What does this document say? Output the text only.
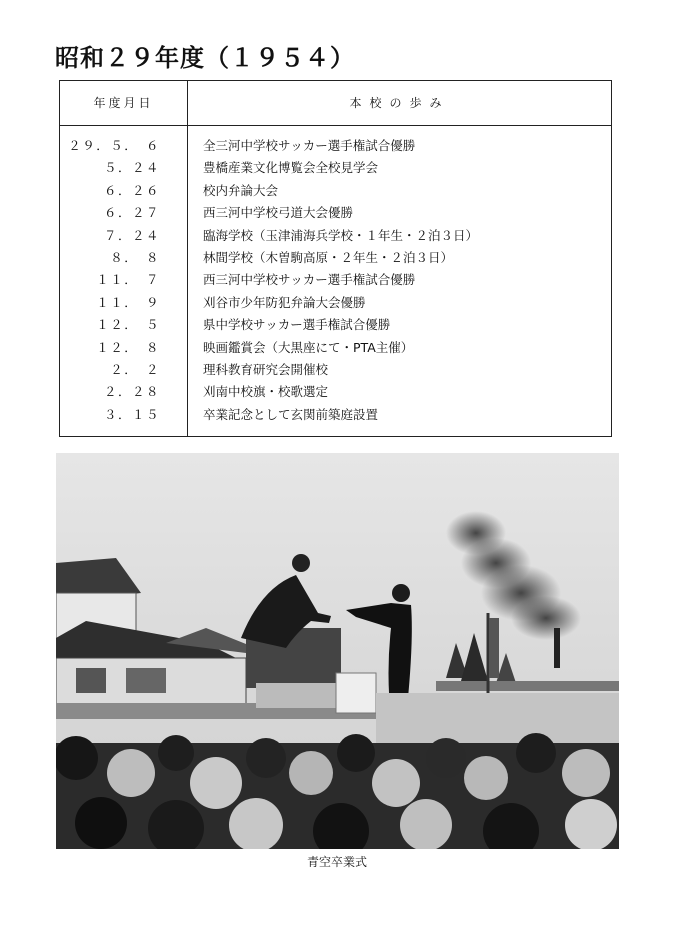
昭和２９年度（１９５４）
年度月日	本校の歩み
２９．５．　６	全三河中学校サッカー選手権試合優勝
５．２４	豊橋産業文化博覧会全校見学会
６．２６	校内弁論大会
６．２７	西三河中学校弓道大会優勝
７．２４	臨海学校（玉津浦海兵学校・１年生・２泊３日）
８．　８	林間学校（木曽駒高原・２年生・２泊３日）
１１．　７	西三河中学校サッカー選手権試合優勝
１１．　９	刈谷市少年防犯弁論大会優勝
１２．　５	県中学校サッカー選手権試合優勝
１２．　８	映画鑑賞会（大黒座にて・PTA主催）
２．　２	理科教育研究会開催校
２．２８	刈南中校旗・校歌選定
３．１５	卒業記念として玄関前築庭設置
青空卒業式
